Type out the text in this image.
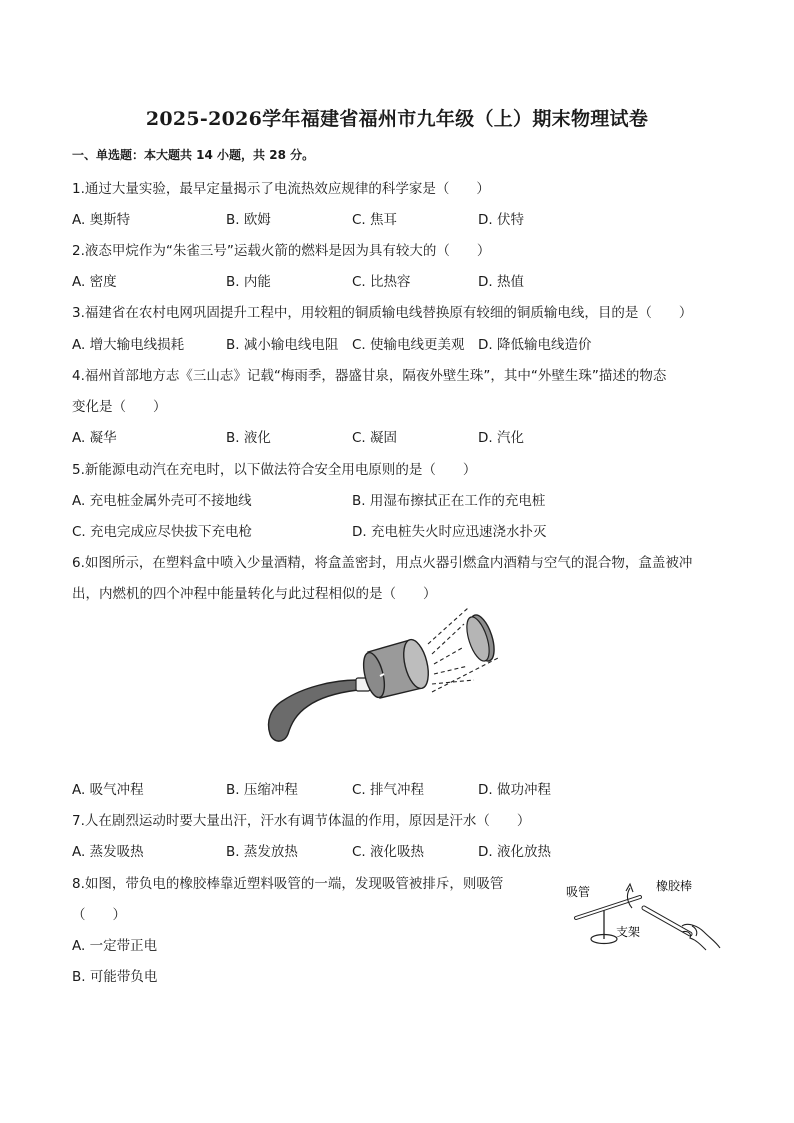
2025-2026学年福建省福州市九年级（上）期末物理试卷
一、单选题：本大题共 14 小题，共 28 分。
1.通过大量实验，最早定量揭示了电流热效应规律的科学家是（　　）
A. 奥斯特	B. 欧姆	C. 焦耳	D. 伏特
2.液态甲烷作为“朱雀三号”运载火箭的燃料是因为具有较大的（　　）
A. 密度	B. 内能	C. 比热容	D. 热值
3.福建省在农村电网巩固提升工程中，用较粗的铜质输电线替换原有较细的铜质输电线，目的是（　　）
A. 增大输电线损耗	B. 减小输电线电阻 C. 使输电线更美观 D. 降低输电线造价
4.福州首部地方志《三山志》记载“梅雨季，器盛甘泉，隔夜外壁生珠”，其中“外壁生珠”描述的物态
变化是（　　）
A. 凝华	B. 液化	C. 凝固	D. 汽化
5.新能源电动汽在充电时，以下做法符合安全用电原则的是（　　）
A. 充电桩金属外壳可不接地线	B. 用湿布擦拭正在工作的充电桩
C. 充电完成应尽快拔下充电枪	D. 充电桩失火时应迅速浇水扑灭
6.如图所示，在塑料盒中喷入少量酒精，将盒盖密封，用点火器引燃盒内酒精与空气的混合物，盒盖被冲
出，内燃机的四个冲程中能量转化与此过程相似的是（　　）
A. 吸气冲程	B. 压缩冲程	C. 排气冲程	D. 做功冲程
7.人在剧烈运动时要大量出汗，汗水有调节体温的作用，原因是汗水（　　）
A. 蒸发吸热	B. 蒸发放热	C. 液化吸热	D. 液化放热
8.如图，带负电的橡胶棒靠近塑料吸管的一端，发现吸管被排斥，则吸管
（　　）
A. 一定带正电
B. 可能带负电
吸管	橡胶棒
支架
